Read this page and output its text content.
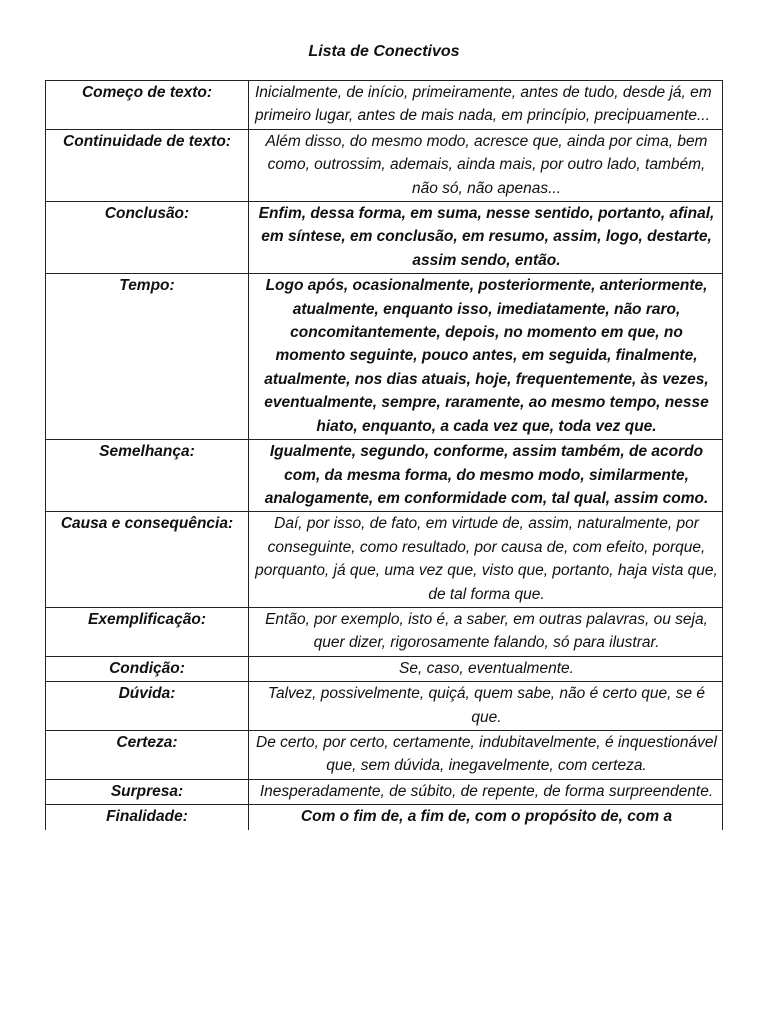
Lista de Conectivos
Começo de texto:	Inicialmente, de início, primeiramente, antes de tudo, desde já, em primeiro lugar, antes de mais nada, em princípio, precipuamente...
Continuidade de texto:	Além disso, do mesmo modo, acresce que, ainda por cima, bem como, outrossim, ademais, ainda mais, por outro lado, também, não só, não apenas...
Conclusão:	Enfim, dessa forma, em suma, nesse sentido, portanto, afinal, em síntese, em conclusão, em resumo, assim, logo, destarte, assim sendo, então.
Tempo:	Logo após, ocasionalmente, posteriormente, anteriormente, atualmente, enquanto isso, imediatamente, não raro, concomitantemente, depois, no momento em que, no momento seguinte, pouco antes, em seguida, finalmente, atualmente, nos dias atuais, hoje, frequentemente, às vezes, eventualmente, sempre, raramente, ao mesmo tempo, nesse hiato, enquanto, a cada vez que, toda vez que.
Semelhança:	Igualmente, segundo, conforme, assim também, de acordo com, da mesma forma, do mesmo modo, similarmente, analogamente, em conformidade com, tal qual, assim como.
Causa e consequência:	Daí, por isso, de fato, em virtude de, assim, naturalmente, por conseguinte, como resultado, por causa de, com efeito, porque, porquanto, já que, uma vez que, visto que, portanto, haja vista que, de tal forma que.
Exemplificação:	Então, por exemplo, isto é, a saber, em outras palavras, ou seja, quer dizer, rigorosamente falando, só para ilustrar.
Condição:	Se, caso, eventualmente.
Dúvida:	Talvez, possivelmente, quiçá, quem sabe, não é certo que, se é que.
Certeza:	De certo, por certo, certamente, indubitavelmente, é inquestionável que, sem dúvida, inegavelmente, com certeza.
Surpresa:	Inesperadamente, de súbito, de repente, de forma surpreendente.
Finalidade:	Com o fim de, a fim de, com o propósito de, com a
